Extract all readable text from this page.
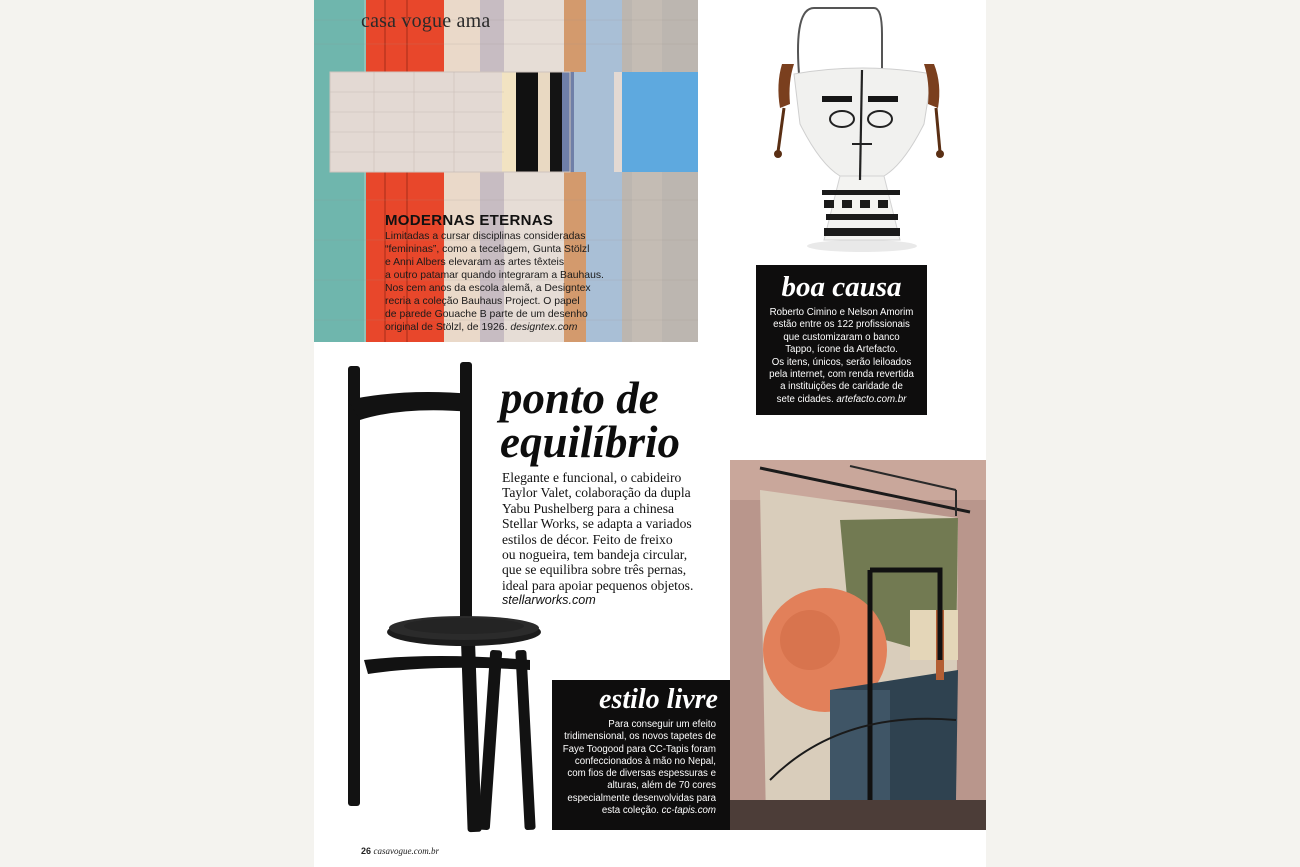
casa vogue ama
MODERNAS ETERNAS

Limitadas a cursar disciplinas consideradas

“femininas”, como a tecelagem, Gunta Stölzl

e Anni Albers elevaram as artes têxteis

a outro patamar quando integraram a Bauhaus.

Nos cem anos da escola alemã, a Designtex

recria a coleção Bauhaus Project. O papel

de parede Gouache B parte de um desenho

original de Stölzl, de 1926. designtex.com

boa causa

Roberto Cimino e Nelson Amorim

estão entre os 122 profissionais

que customizaram o banco

Tappo, ícone da Artefacto.

Os itens, únicos, serão leiloados

pela internet, com renda revertida

a instituições de caridade de

sete cidades. artefacto.com.br

ponto de
equilíbrio

Elegante e funcional, o cabideiro

Taylor Valet, colaboração da dupla

Yabu Pushelberg para a chinesa

Stellar Works, se adapta a variados

estilos de décor. Feito de freixo

ou nogueira, tem bandeja circular,

que se equilibra sobre três pernas,

ideal para apoiar pequenos objetos.

stellarworks.com

estilo livre

Para conseguir um efeito

tridimensional, os novos tapetes de

Faye Toogood para CC-Tapis foram

confeccionados à mão no Nepal,

com fios de diversas espessuras e

alturas, além de 70 cores

especialmente desenvolvidas para

esta coleção. cc-tapis.com

26 casavogue.com.br
